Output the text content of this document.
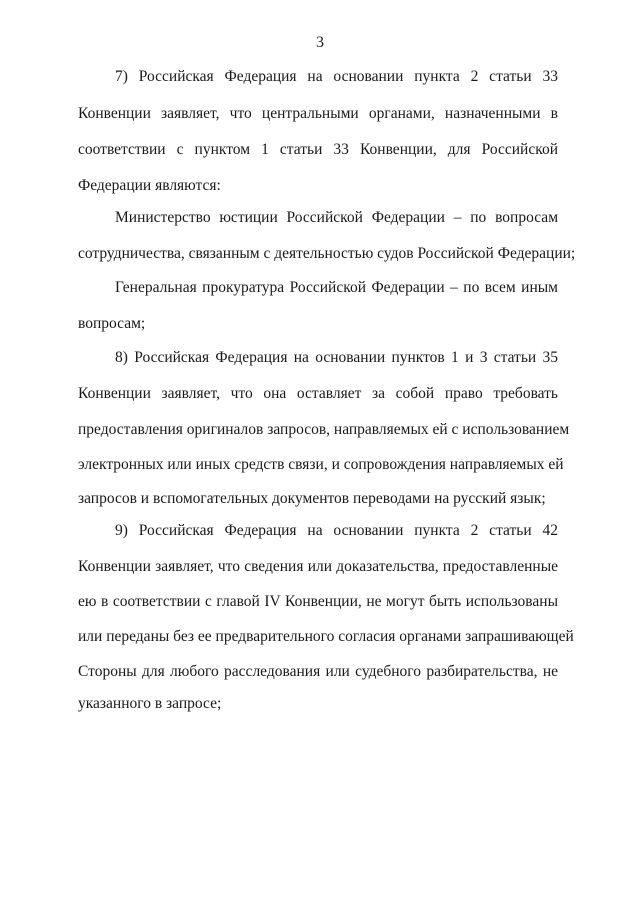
3
7) Российская Федерация на основании пункта 2 статьи 33
Конвенции заявляет, что центральными органами, назначенными в
соответствии с пунктом 1 статьи 33 Конвенции, для Российской
Федерации являются:
Министерство юстиции Российской Федерации – по вопросам
сотрудничества, связанным с деятельностью судов Российской Федерации;
Генеральная прокуратура Российской Федерации – по всем иным
вопросам;
8) Российская Федерация на основании пунктов 1 и 3 статьи 35
Конвенции заявляет, что она оставляет за собой право требовать
предоставления оригиналов запросов, направляемых ей с использованием
электронных или иных средств связи, и сопровождения направляемых ей
запросов и вспомогательных документов переводами на русский язык;
9) Российская Федерация на основании пункта 2 статьи 42
Конвенции заявляет, что сведения или доказательства, предоставленные
ею в соответствии с главой IV Конвенции, не могут быть использованы
или переданы без ее предварительного согласия органами запрашивающей
Стороны для любого расследования или судебного разбирательства, не
указанного в запросе;
